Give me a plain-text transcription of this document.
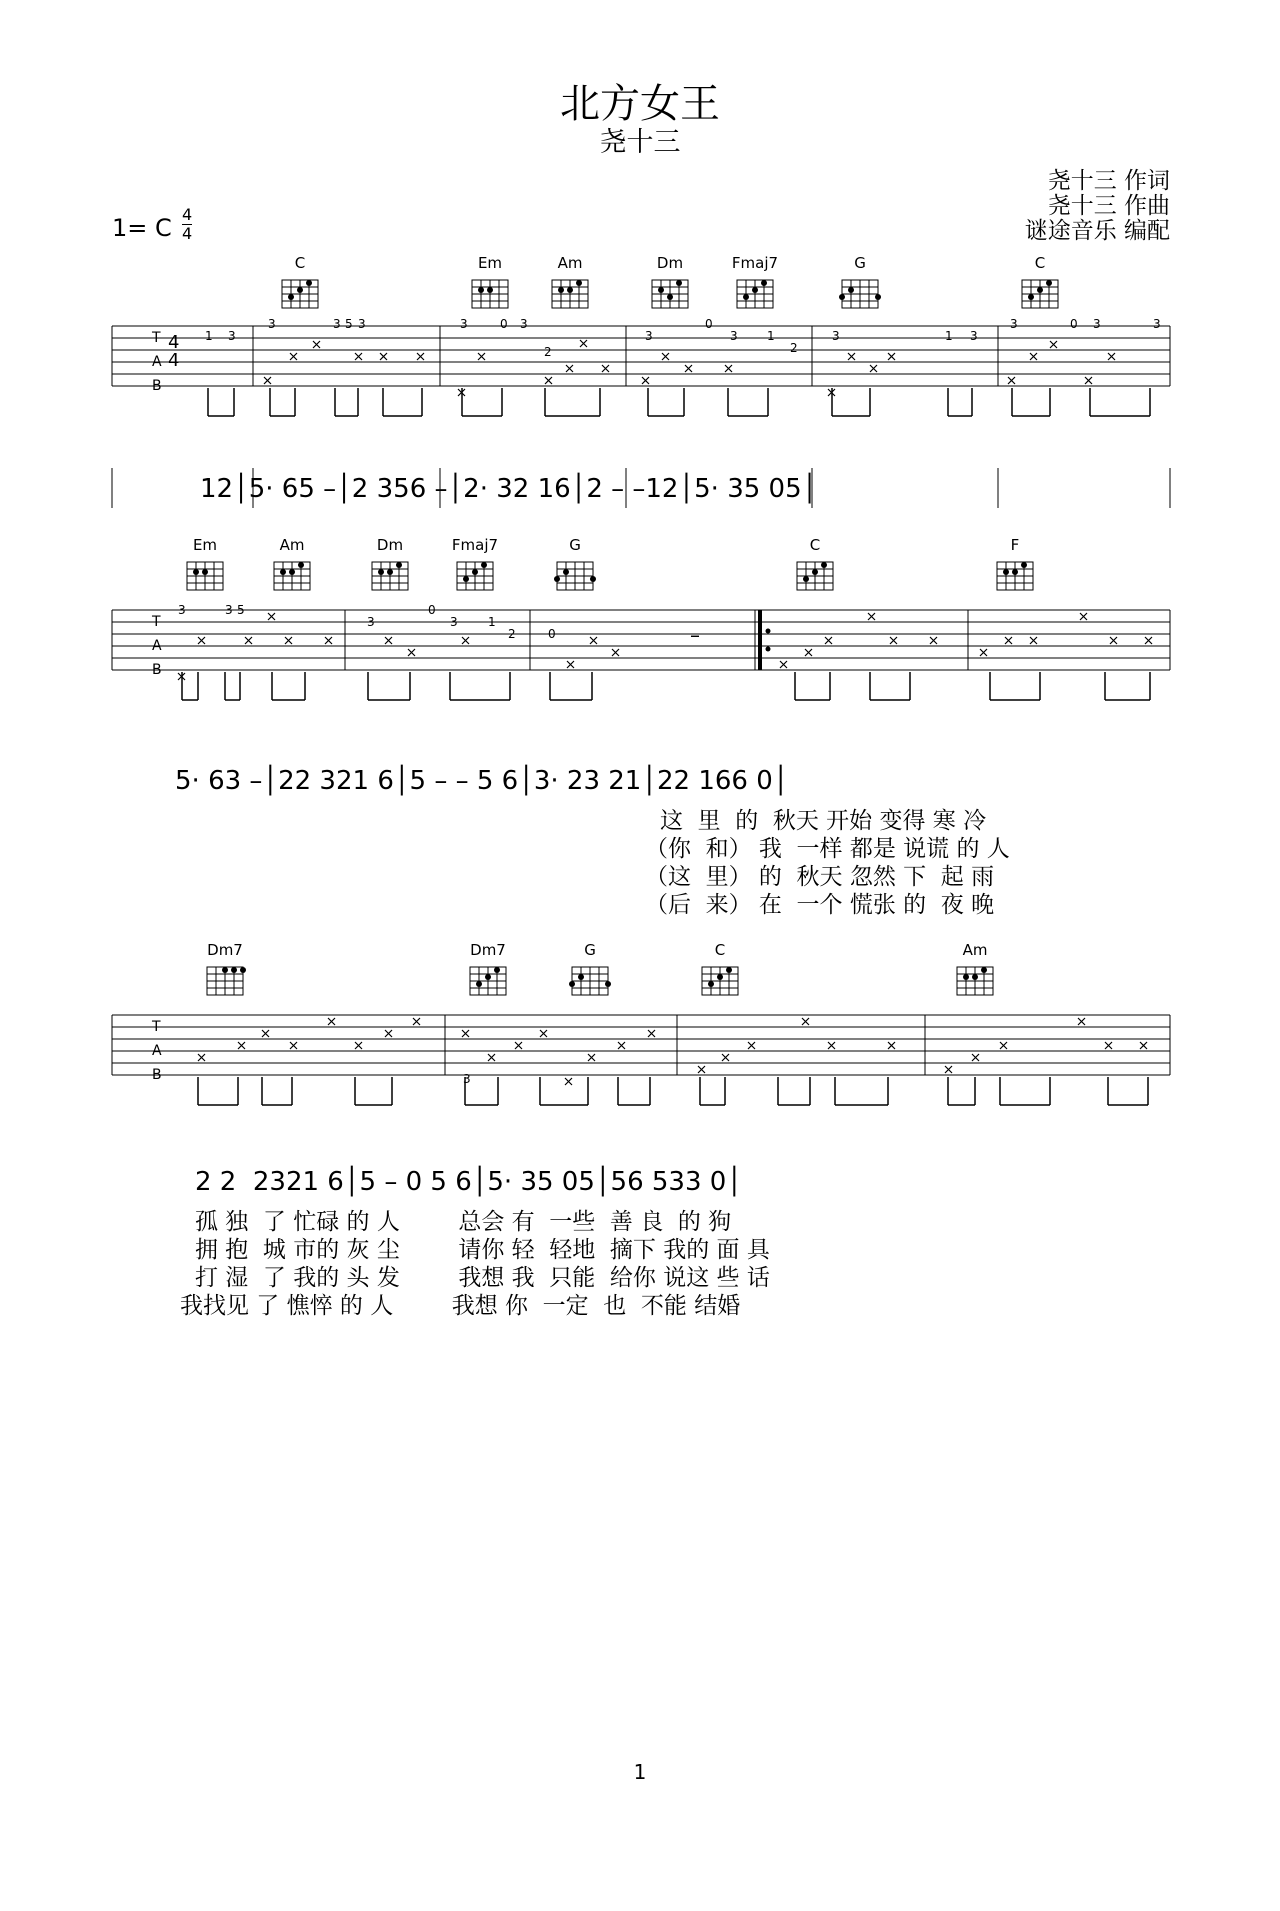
北方女王
尧十三
尧十三 作词
尧十三 作曲
谜途音乐 编配
1= C 4
4
T
A
B
4
4
1 3
3	3 5 3	3	0 3
2
3
0
3 1
2
3	1 3
3	0 3	3
C	Em	Am	Dm	Fmaj7	G	C
12│5· 65 –│2 356 –│2· 32 16│2 – –12│5· 35 05│
T
A
B
3	3 5
3
0
3	1
2	0	–
Em	Am	Dm	Fmaj7	G	C	F
5· 63 –│22 321 6│5 – – 5 6│3· 23 21│22 166 0│
这  里  的  秋天 开始 变得 寒 冷
（你  和） 我  一样 都是 说谎 的 人
（这  里） 的  秋天 忽然 下  起 雨
（后  来） 在  一个 慌张 的  夜 晚
T
A
B	3
Dm7	Dm7	G	C	Am
2 2  2321 6│5 – 0 5 6│5· 35 05│56 533 0│
孤 独  了 忙碌 的 人        总会 有  一些  善 良  的 狗
拥 抱  城 市的 灰 尘        请你 轻  轻地  摘下 我的 面 具
打 湿  了 我的 头 发        我想 我  只能  给你 说这 些 话
我找见 了 憔悴 的 人        我想 你  一定  也  不能 结婚
1
